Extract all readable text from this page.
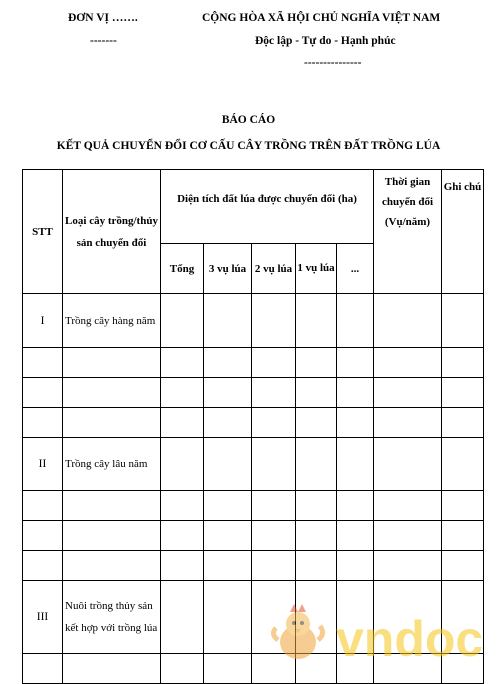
ĐƠN VỊ …….
-------
CỘNG HÒA XÃ HỘI CHỦ NGHĨA VIỆT NAM
Độc lập - Tự do - Hạnh phúc
---------------
BÁO CÁO
KẾT QUẢ CHUYỂN ĐỔI CƠ CẤU CÂY TRỒNG TRÊN ĐẤT TRỒNG LÚA
STT	Loại cây trồng/thủy sản chuyển đổi	Diện tích đất lúa được chuyển đổi (ha)					Thời gian chuyển đổi (Vụ/năm)	Ghi chú
		Tổng	3 vụ lúa	2 vụ lúa	1 vụ lúa	...		
I	Trồng cây hàng năm							

II	Trồng cây lâu năm							

III	Nuôi trồng thủy sản kết hợp với trồng lúa							
									vndoc
